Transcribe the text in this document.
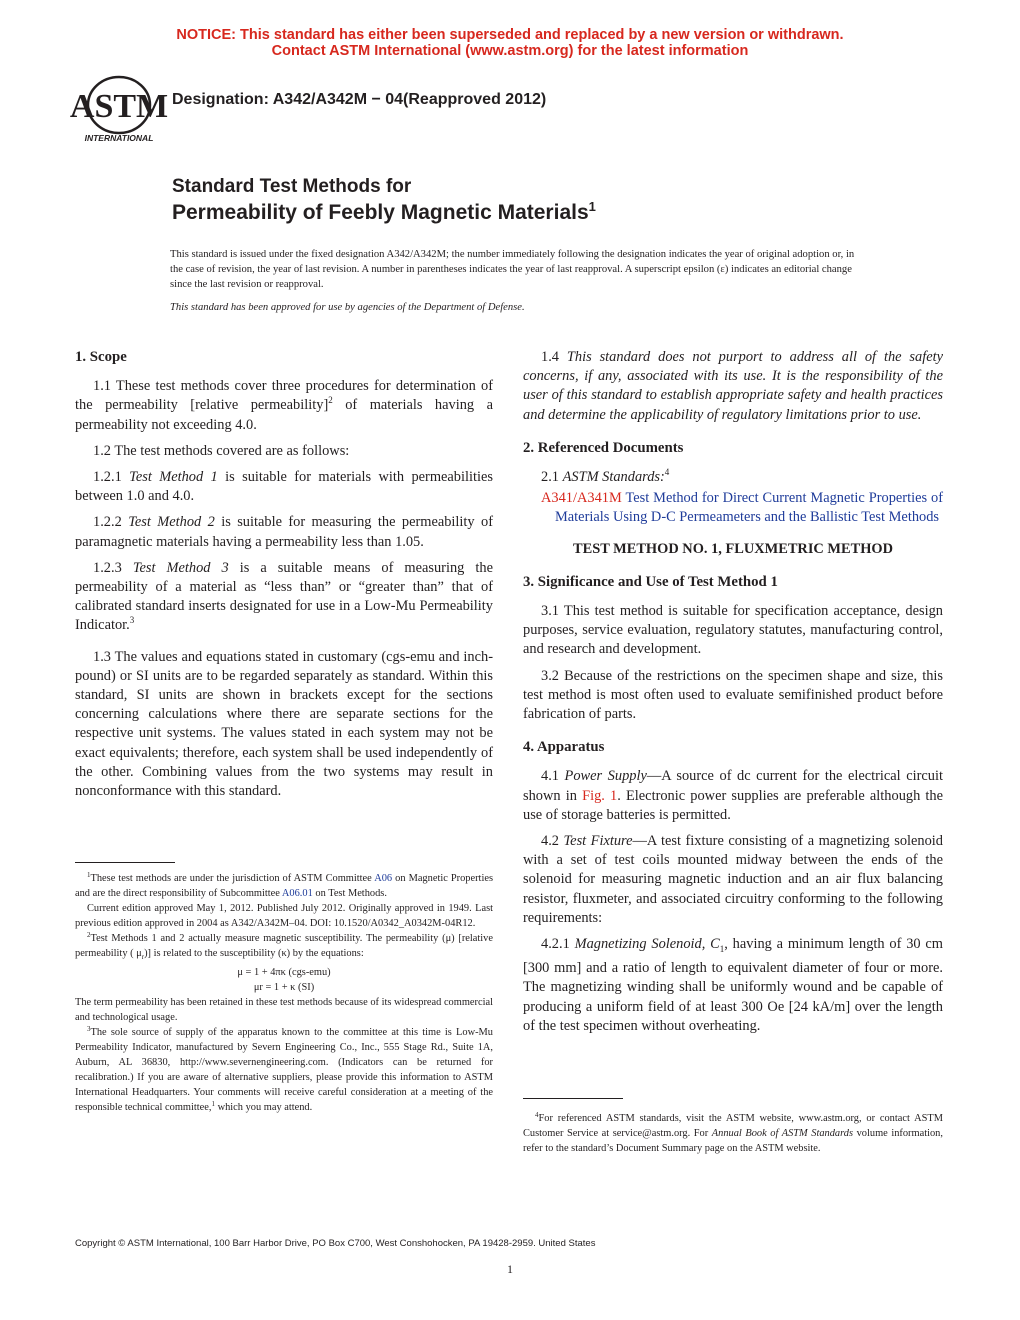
NOTICE: This standard has either been superseded and replaced by a new version or withdrawn.
Contact ASTM International (www.astm.org) for the latest information
ASTM
INTERNATIONAL
Designation: A342/A342M − 04(Reapproved 2012)
Standard Test Methods for
Permeability of Feebly Magnetic Materials$^1$
This standard is issued under the fixed designation A342/A342M; the number immediately following the designation indicates the year of original adoption or, in the case of revision, the year of last revision. A number in parentheses indicates the year of last reapproval. A superscript epsilon (ε) indicates an editorial change since the last revision or reapproval.
This standard has been approved for use by agencies of the Department of Defense.

1. Scope

1.1 These test methods cover three procedures for determination of the permeability [relative permeability]$^2$ of materials having a permeability not exceeding 4.0.

1.2 The test methods covered are as follows:

1.2.1 Test Method 1 is suitable for materials with permeabilities between 1.0 and 4.0.

1.2.2 Test Method 2 is suitable for measuring the permeability of paramagnetic materials having a permeability less than 1.05.

1.2.3 Test Method 3 is a suitable means of measuring the permeability of a material as “less than” or “greater than” that of calibrated standard inserts designated for use in a Low-Mu Permeability Indicator.$^3$

1.3 The values and equations stated in customary (cgs-emu and inch-pound) or SI units are to be regarded separately as standard. Within this standard, SI units are shown in brackets except for the sections concerning calculations where there are separate sections for the respective unit systems. The values stated in each system may not be exact equivalents; therefore, each system shall be used independently of the other. Combining values from the two systems may result in nonconformance with this standard.

$^1$These test methods are under the jurisdiction of ASTM Committee A06 on Magnetic Properties and are the direct responsibility of Subcommittee A06.01 on Test Methods.

Current edition approved May 1, 2012. Published July 2012. Originally approved in 1949. Last previous edition approved in 2004 as A342/A342M–04. DOI: 10.1520/A0342_A0342M-04R12.

$^2$Test Methods 1 and 2 actually measure magnetic susceptibility. The permeability (μ) [relative permeability ( $\mu_r$)] is related to the susceptibility (κ) by the equations:

μ = 1 + 4πκ (cgs-emu)

μr = 1 + κ (SI)

The term permeability has been retained in these test methods because of its widespread commercial and technological usage.

$^3$The sole source of supply of the apparatus known to the committee at this time is Low-Mu Permeability Indicator, manufactured by Severn Engineering Co., Inc., 555 Stage Rd., Suite 1A, Auburn, AL 36830, http://www.severnengineering.com. (Indicators can be returned for recalibration.) If you are aware of alternative suppliers, please provide this information to ASTM International Headquarters. Your comments will receive careful consideration at a meeting of the responsible technical committee,$^1$ which you may attend.

1.4 This standard does not purport to address all of the safety concerns, if any, associated with its use. It is the responsibility of the user of this standard to establish appropriate safety and health practices and determine the applicability of regulatory limitations prior to use.

2. Referenced Documents

2.1 ASTM Standards:$^4$

A341/A341M Test Method for Direct Current Magnetic Properties of Materials Using D-C Permeameters and the Ballistic Test Methods

TEST METHOD NO. 1, FLUXMETRIC METHOD

3. Significance and Use of Test Method 1

3.1 This test method is suitable for specification acceptance, design purposes, service evaluation, regulatory statutes, manufacturing control, and research and development.

3.2 Because of the restrictions on the specimen shape and size, this test method is most often used to evaluate semifinished product before fabrication of parts.

4. Apparatus

4.1 Power Supply—A source of dc current for the electrical circuit shown in Fig. 1. Electronic power supplies are preferable although the use of storage batteries is permitted.

4.2 Test Fixture—A test fixture consisting of a magnetizing solenoid with a set of test coils mounted midway between the ends of the solenoid for measuring magnetic induction and an air flux balancing resistor, fluxmeter, and associated circuitry conforming to the following requirements:

4.2.1 Magnetizing Solenoid, $C_1$, having a minimum length of 30 cm [300 mm] and a ratio of length to equivalent diameter of four or more. The magnetizing winding shall be uniformly wound and be capable of producing a uniform field of at least 300 Oe [24 kA/m] over the length of the test specimen without overheating.

$^4$For referenced ASTM standards, visit the ASTM website, www.astm.org, or contact ASTM Customer Service at service@astm.org. For Annual Book of ASTM Standards volume information, refer to the standard’s Document Summary page on the ASTM website.

Copyright © ASTM International, 100 Barr Harbor Drive, PO Box C700, West Conshohocken, PA 19428-2959. United States
1
